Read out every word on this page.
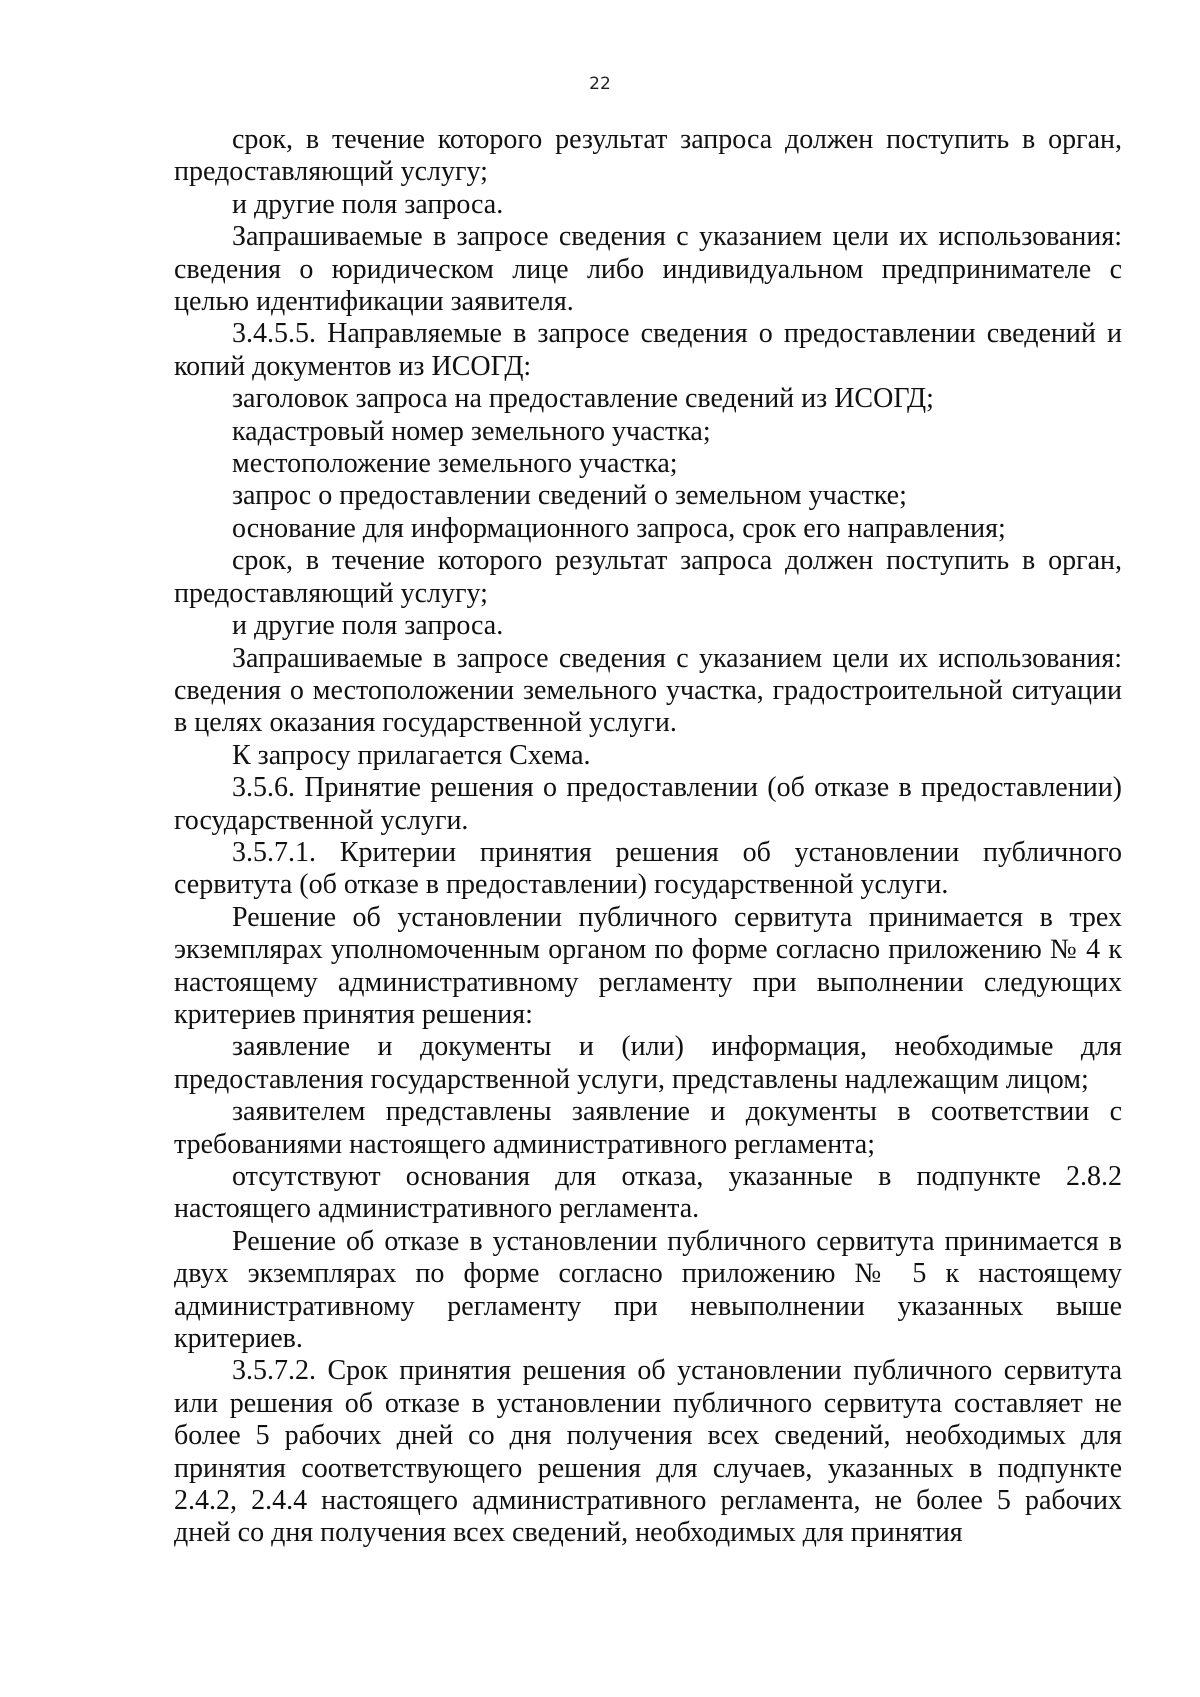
22

срок, в течение которого результат запроса должен поступить в орган, предоставляющий услугу;

и другие поля запроса.

Запрашиваемые в запросе сведения с указанием цели их использования: сведения о юридическом лице либо индивидуальном предпринимателе с целью идентификации заявителя.

3.4.5.5. Направляемые в запросе сведения о предоставлении сведений и копий документов из ИСОГД:

заголовок запроса на предоставление сведений из ИСОГД;

кадастровый номер земельного участка;

местоположение земельного участка;

запрос о предоставлении сведений о земельном участке;

основание для информационного запроса, срок его направления;

срок, в течение которого результат запроса должен поступить в орган, предоставляющий услугу;

и другие поля запроса.

Запрашиваемые в запросе сведения с указанием цели их использования: сведения о местоположении земельного участка, градостроительной ситуации в целях оказания государственной услуги.

К запросу прилагается Схема.

3.5.6. Принятие решения о предоставлении (об отказе в предоставлении) государственной услуги.

3.5.7.1. Критерии принятия решения об установлении публичного сервитута (об отказе в предоставлении) государственной услуги.

Решение об установлении публичного сервитута принимается в трех экземплярах уполномоченным органом по форме согласно приложению № 4 к настоящему административному регламенту при выполнении следующих критериев принятия решения:

заявление и документы и (или) информация, необходимые для предоставления государственной услуги, представлены надлежащим лицом;

заявителем представлены заявление и документы в соответствии с требованиями настоящего административного регламента;

отсутствуют основания для отказа, указанные в подпункте 2.8.2 настоящего административного регламента.

Решение об отказе в установлении публичного сервитута принимается в двух экземплярах по форме согласно приложению № 5 к настоящему административному регламенту при невыполнении указанных выше критериев.

3.5.7.2. Срок принятия решения об установлении публичного сервитута или решения об отказе в установлении публичного сервитута составляет не более 5 рабочих дней со дня получения всех сведений, необходимых для принятия соответствующего решения для случаев, указанных в подпункте 2.4.2, 2.4.4 настоящего административного регламента, не более 5 рабочих дней со дня получения всех сведений, необходимых для принятия
